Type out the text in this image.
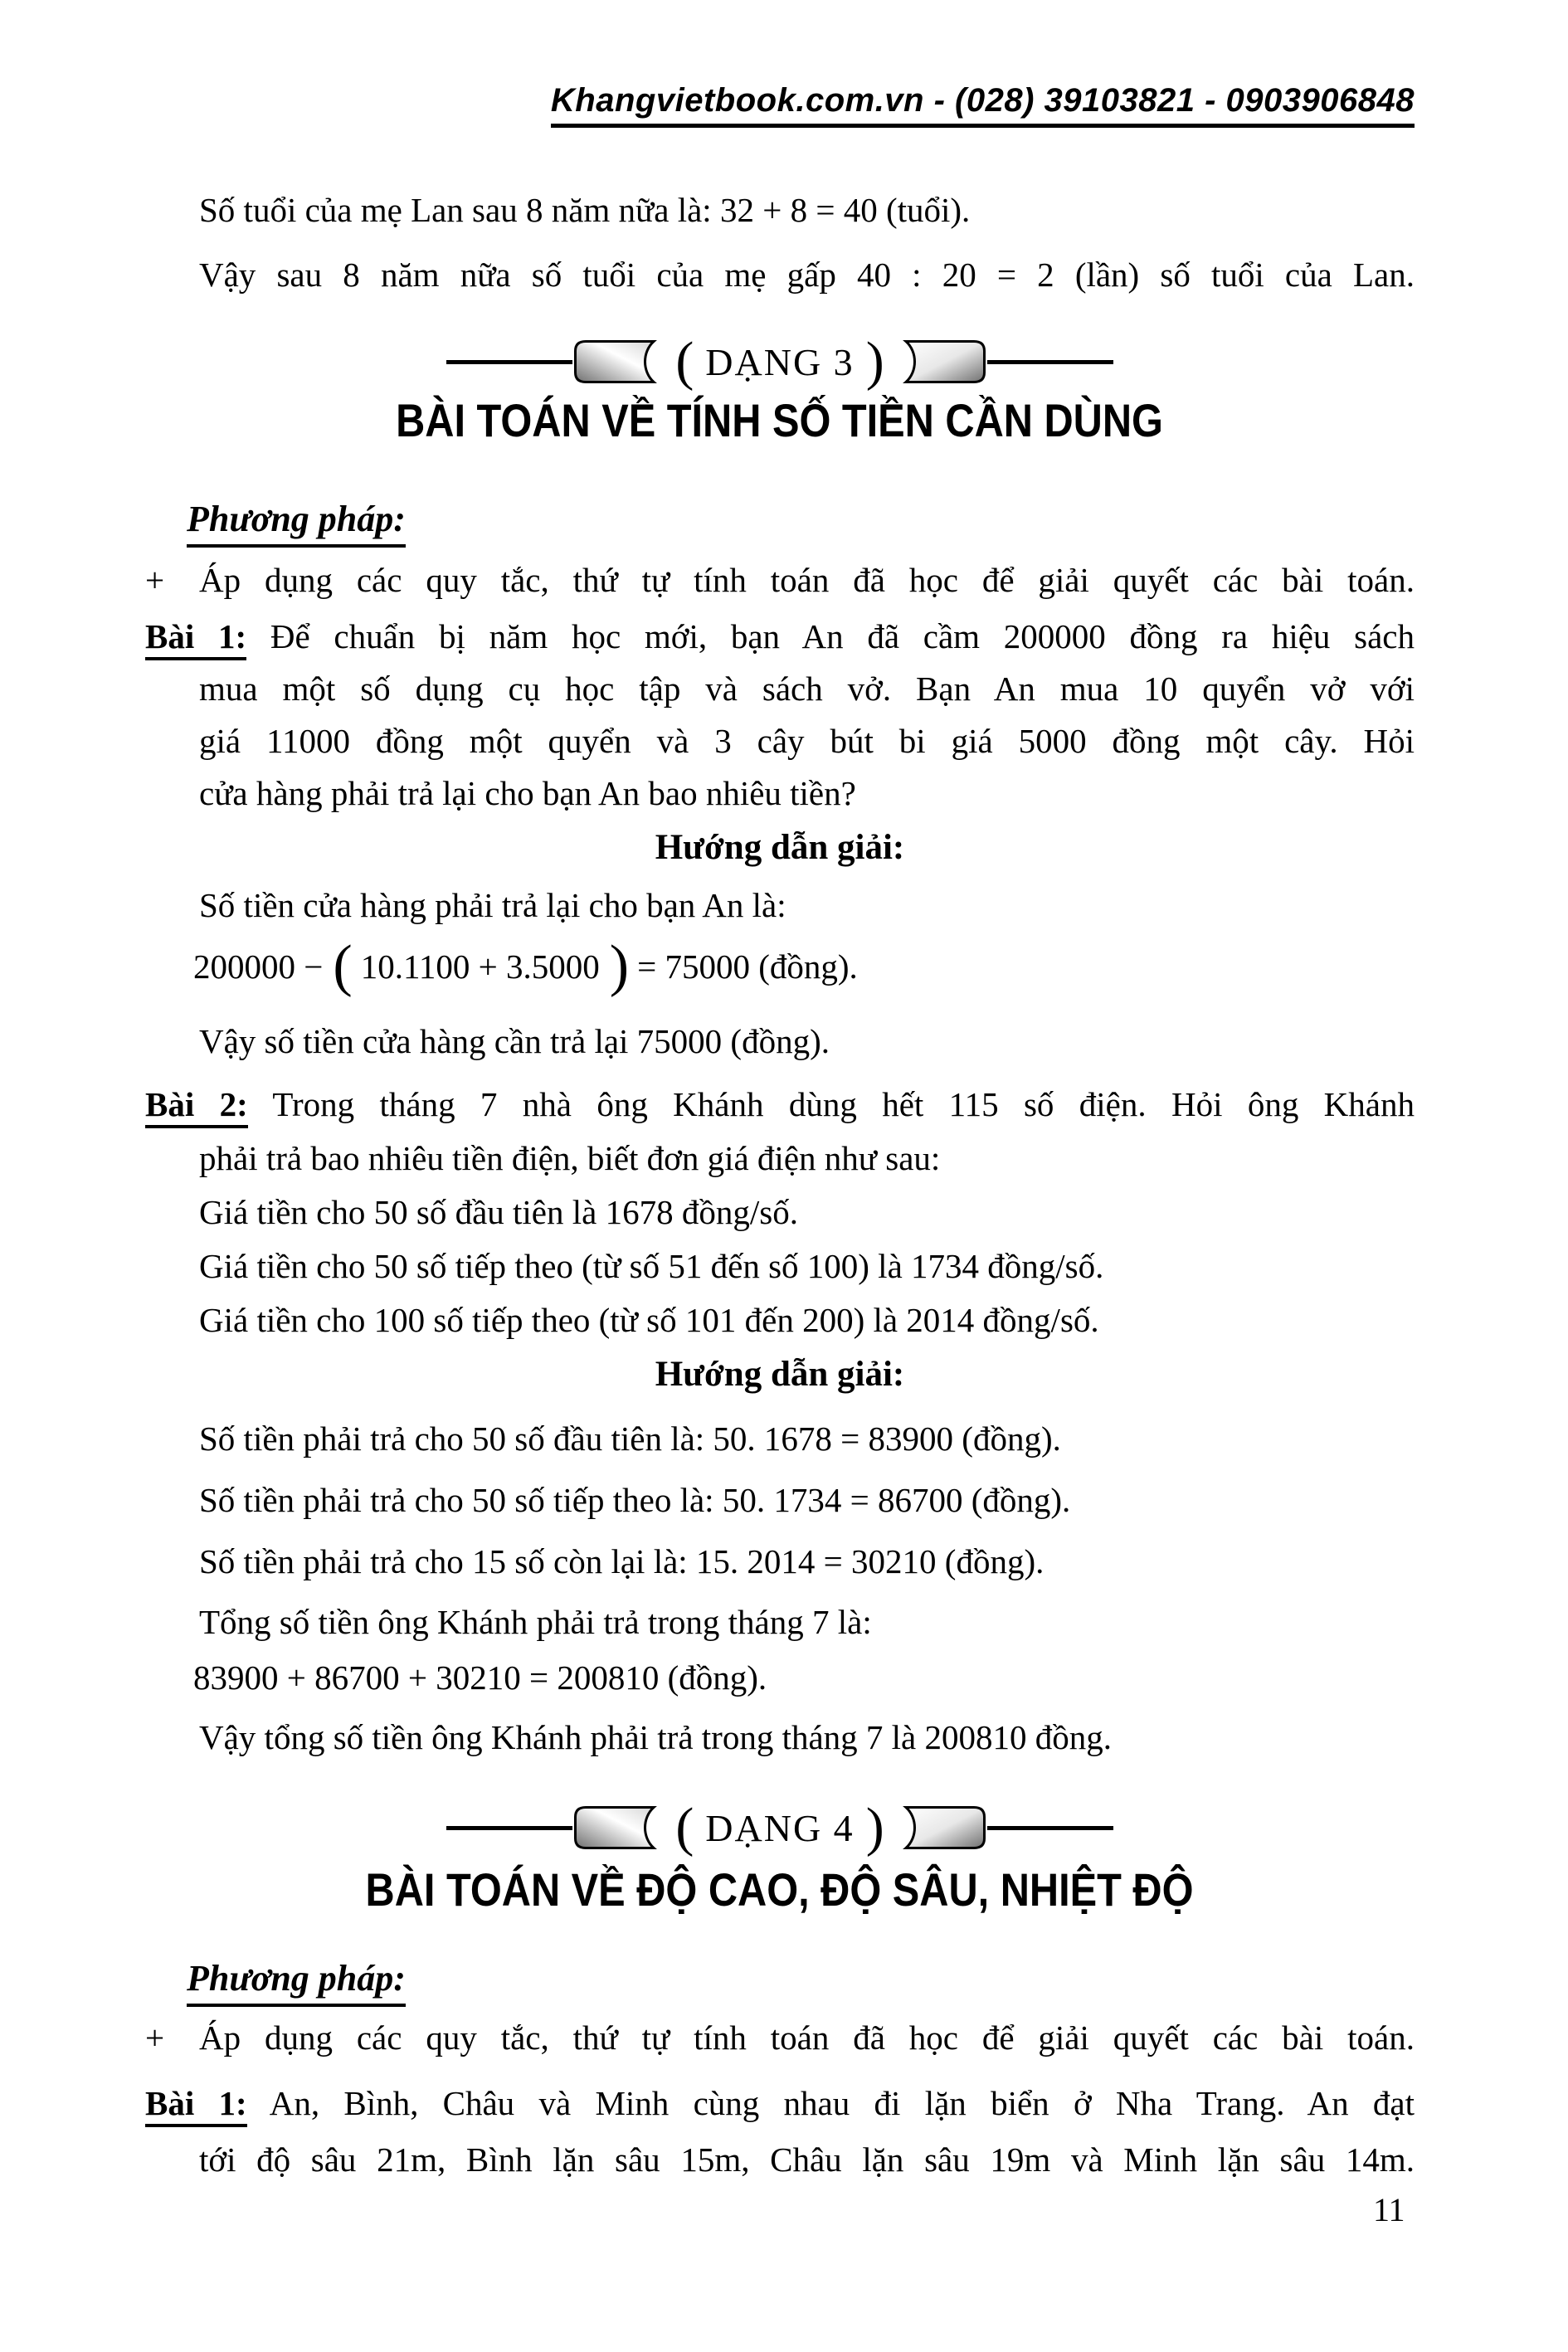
Khangvietbook.com.vn - (028) 39103821 - 0903906848
Số tuổi của mẹ Lan sau 8 năm nữa là: 32 + 8 = 40 (tuổi).
Vậy sau 8 năm nữa số tuổi của mẹ gấp 40 : 20 = 2 (lần) số tuổi của Lan.
( DẠNG 3 )
BÀI TOÁN VỀ TÍNH SỐ TIỀN CẦN DÙNG
Phương pháp:
+	Áp dụng các quy tắc, thứ tự tính toán đã học để giải quyết các bài toán.
Bài 1: Để chuẩn bị năm học mới, bạn An đã cầm 200000 đồng ra hiệu sách
mua một số dụng cụ học tập và sách vở. Bạn An mua 10 quyển vở với
giá 11000 đồng một quyển và 3 cây bút bi giá 5000 đồng một cây. Hỏi
cửa hàng phải trả lại cho bạn An bao nhiêu tiền?
Hướng dẫn giải:
Số tiền cửa hàng phải trả lại cho bạn An là:
200000 − ( 10.1100 + 3.5000 ) = 75000 (đồng).
Vậy số tiền cửa hàng cần trả lại 75000 (đồng).
Bài 2: Trong tháng 7 nhà ông Khánh dùng hết 115 số điện. Hỏi ông Khánh
phải trả bao nhiêu tiền điện, biết đơn giá điện như sau:
Giá tiền cho 50 số đầu tiên là 1678 đồng/số.
Giá tiền cho 50 số tiếp theo (từ số 51 đến số 100) là 1734 đồng/số.
Giá tiền cho 100 số tiếp theo (từ số 101 đến 200) là 2014 đồng/số.
Hướng dẫn giải:
Số tiền phải trả cho 50 số đầu tiên là: 50. 1678 = 83900 (đồng).
Số tiền phải trả cho 50 số tiếp theo là: 50. 1734 = 86700 (đồng).
Số tiền phải trả cho 15 số còn lại là: 15. 2014 = 30210 (đồng).
Tổng số tiền ông Khánh phải trả trong tháng 7 là:
83900 + 86700 + 30210 = 200810 (đồng).
Vậy tổng số tiền ông Khánh phải trả trong tháng 7 là 200810 đồng.
( DẠNG 4 )
BÀI TOÁN VỀ ĐỘ CAO, ĐỘ SÂU, NHIỆT ĐỘ
Phương pháp:
+	Áp dụng các quy tắc, thứ tự tính toán đã học để giải quyết các bài toán.
Bài 1: An, Bình, Châu và Minh cùng nhau đi lặn biển ở Nha Trang. An đạt
tới độ sâu 21m, Bình lặn sâu 15m, Châu lặn sâu 19m và Minh lặn sâu 14m.
11
